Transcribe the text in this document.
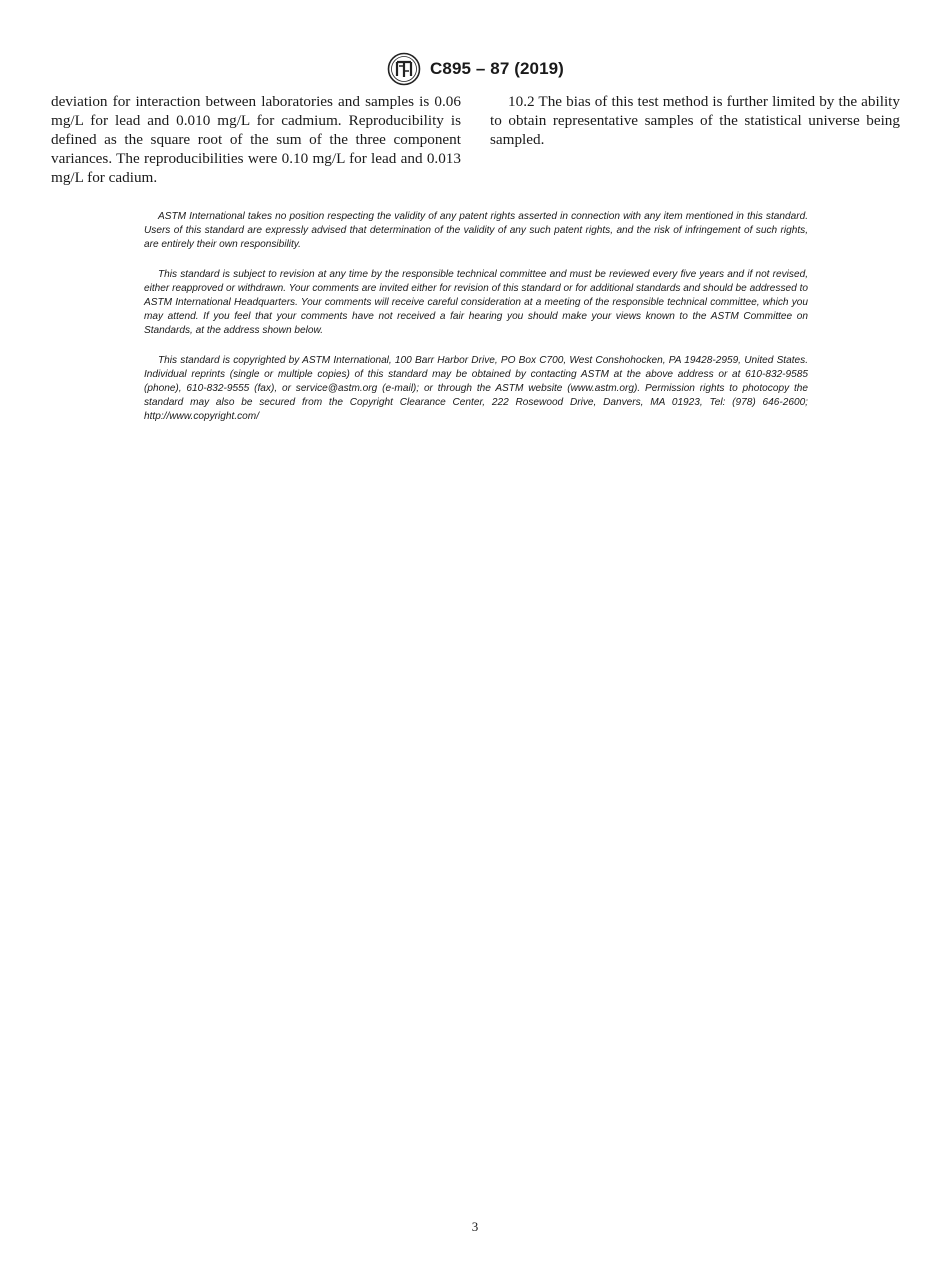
C895 – 87 (2019)

deviation for interaction between laboratories and samples is 0.06 mg/L for lead and 0.010 mg/L for cadmium. Reproducibility is defined as the square root of the sum of the three component variances. The reproducibilities were 0.10 mg/L for lead and 0.013 mg/L for cadium.

10.2 The bias of this test method is further limited by the ability to obtain representative samples of the statistical universe being sampled.

ASTM International takes no position respecting the validity of any patent rights asserted in connection with any item mentioned in this standard. Users of this standard are expressly advised that determination of the validity of any such patent rights, and the risk of infringement of such rights, are entirely their own responsibility.

This standard is subject to revision at any time by the responsible technical committee and must be reviewed every five years and if not revised, either reapproved or withdrawn. Your comments are invited either for revision of this standard or for additional standards and should be addressed to ASTM International Headquarters. Your comments will receive careful consideration at a meeting of the responsible technical committee, which you may attend. If you feel that your comments have not received a fair hearing you should make your views known to the ASTM Committee on Standards, at the address shown below.

This standard is copyrighted by ASTM International, 100 Barr Harbor Drive, PO Box C700, West Conshohocken, PA 19428-2959, United States. Individual reprints (single or multiple copies) of this standard may be obtained by contacting ASTM at the above address or at 610-832-9585 (phone), 610-832-9555 (fax), or service@astm.org (e-mail); or through the ASTM website (www.astm.org). Permission rights to photocopy the standard may also be secured from the Copyright Clearance Center, 222 Rosewood Drive, Danvers, MA 01923, Tel: (978) 646-2600; http://www.copyright.com/

3
